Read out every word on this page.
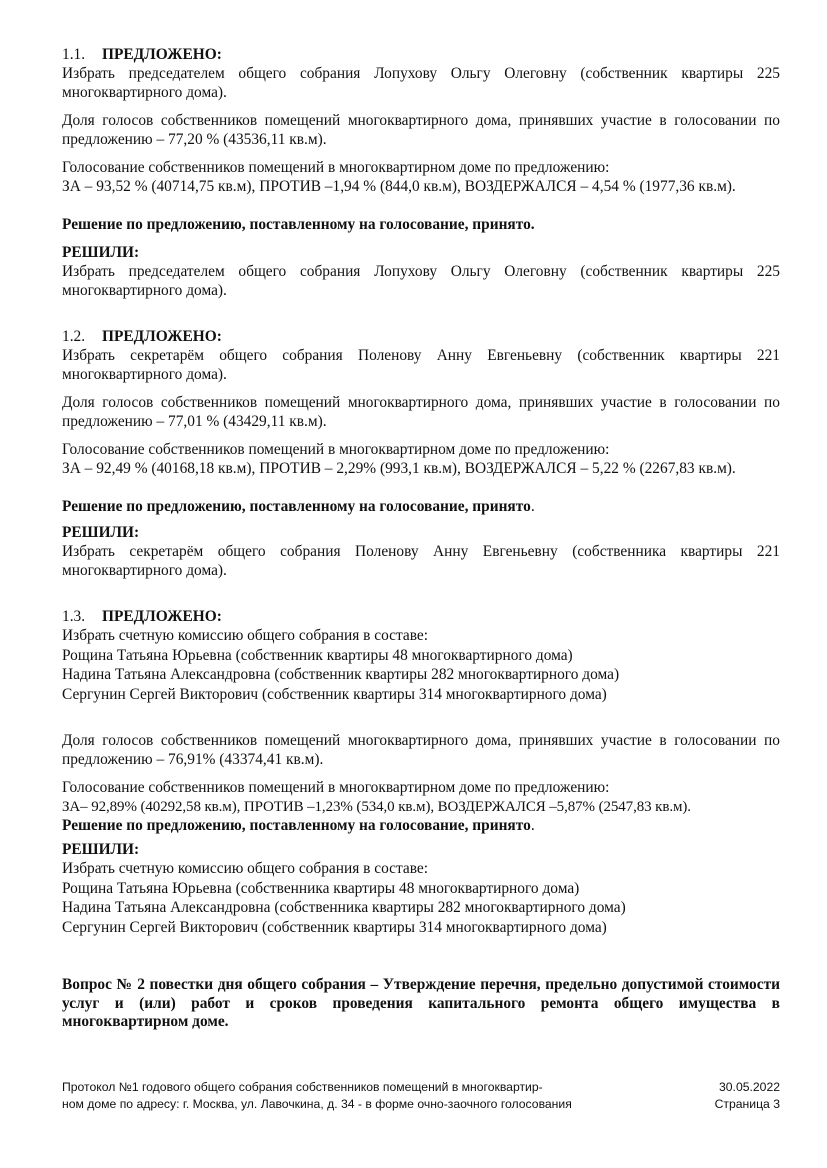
1.1. ПРЕДЛОЖЕНО:
Избрать председателем общего собрания Лопухову Ольгу Олеговну (собственник квартиры 225 многоквартирного дома).
Доля голосов собственников помещений многоквартирного дома, принявших участие в голосовании по предложению – 77,20 % (43536,11 кв.м).
Голосование собственников помещений в многоквартирном доме по предложению:
ЗА – 93,52 % (40714,75 кв.м), ПРОТИВ –1,94 % (844,0 кв.м), ВОЗДЕРЖАЛСЯ – 4,54 % (1977,36 кв.м).
Решение по предложению, поставленному на голосование, принято.
РЕШИЛИ:
Избрать председателем общего собрания Лопухову Ольгу Олеговну (собственник квартиры 225 многоквартирного дома).
1.2. ПРЕДЛОЖЕНО:
Избрать секретарём общего собрания Поленову Анну Евгеньевну (собственник квартиры 221 многоквартирного дома).
Доля голосов собственников помещений многоквартирного дома, принявших участие в голосовании по предложению – 77,01 % (43429,11 кв.м).
Голосование собственников помещений в многоквартирном доме по предложению:
ЗА – 92,49 % (40168,18 кв.м), ПРОТИВ – 2,29% (993,1 кв.м), ВОЗДЕРЖАЛСЯ – 5,22 % (2267,83 кв.м).
Решение по предложению, поставленному на голосование, принято.
РЕШИЛИ:
Избрать секретарём общего собрания Поленову Анну Евгеньевну (собственника квартиры 221 многоквартирного дома).
1.3. ПРЕДЛОЖЕНО:
Избрать счетную комиссию общего собрания в составе:
Рощина Татьяна Юрьевна (собственник квартиры 48 многоквартирного дома)
Надина Татьяна Александровна (собственник квартиры 282 многоквартирного дома)
Сергунин Сергей Викторович (собственник квартиры 314 многоквартирного дома)
Доля голосов собственников помещений многоквартирного дома, принявших участие в голосовании по предложению – 76,91% (43374,41 кв.м).
Голосование собственников помещений в многоквартирном доме по предложению:
ЗА– 92,89% (40292,58 кв.м), ПРОТИВ –1,23% (534,0 кв.м), ВОЗДЕРЖАЛСЯ –5,87% (2547,83 кв.м).
Решение по предложению, поставленному на голосование, принято.
РЕШИЛИ:
Избрать счетную комиссию общего собрания в составе:
Рощина Татьяна Юрьевна (собственника квартиры 48 многоквартирного дома)
Надина Татьяна Александровна (собственника квартиры 282 многоквартирного дома)
Сергунин Сергей Викторович (собственник квартиры 314 многоквартирного дома)
Вопрос № 2 повестки дня общего собрания – Утверждение перечня, предельно допустимой стоимости услуг и (или) работ и сроков проведения капитального ремонта общего имущества в многоквартирном доме.
Протокол №1 годового общего собрания собственников помещений в многоквартир-
ном доме по адресу: г. Москва, ул. Лавочкина, д. 34 - в форме очно-заочного голосования
30.05.2022
Страница 3
